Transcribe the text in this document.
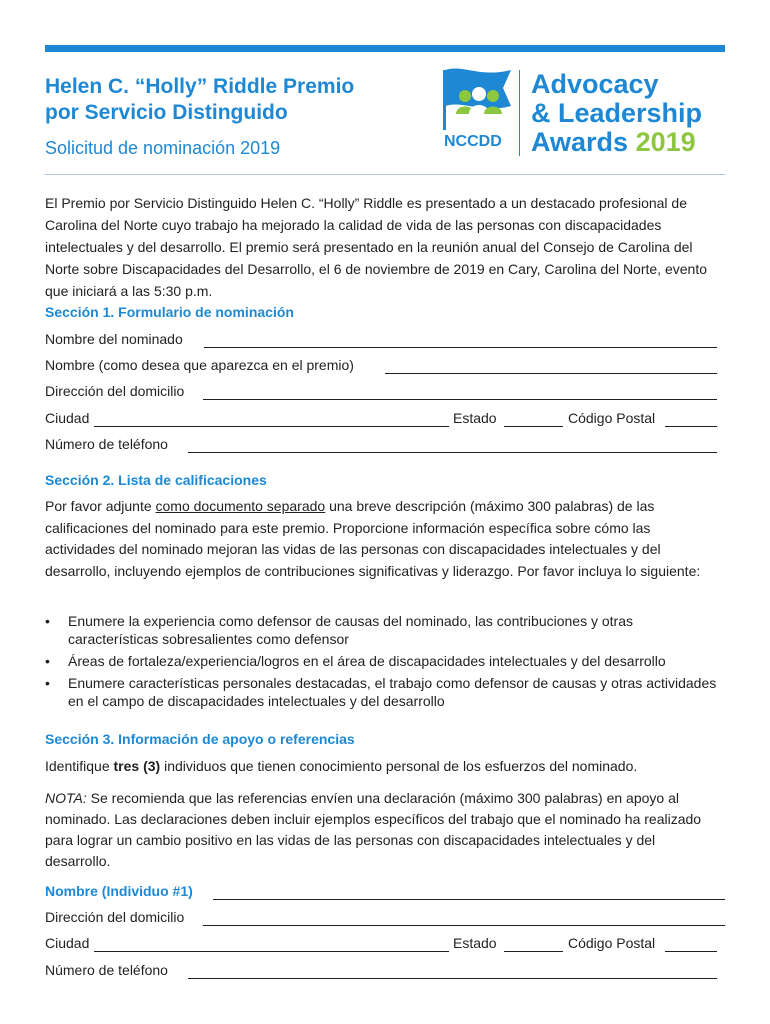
Helen C. “Holly” Riddle Premio
por Servicio Distinguido
Solicitud de nominación 2019	NCCDD
Advocacy
& Leadership
Awards 2019
El Premio por Servicio Distinguido Helen C. “Holly” Riddle es presentado a un destacado profesional de Carolina del Norte cuyo trabajo ha mejorado la calidad de vida de las personas con discapacidades intelectuales y del desarrollo. El premio será presentado en la reunión anual del Consejo de Carolina del Norte sobre Discapacidades del Desarrollo, el 6 de noviembre de 2019 en Cary, Carolina del Norte, evento que iniciará a las 5:30 p.m.
Sección 1. Formulario de nominación
Nombre del nominado
Nombre (como desea que aparezca en el premio)
Dirección del domicilio
Ciudad	Estado	Código Postal
Número de teléfono
Sección 2. Lista de calificaciones
Por favor adjunte como documento separado una breve descripción (máximo 300 palabras) de las calificaciones del nominado para este premio. Proporcione información específica sobre cómo las actividades del nominado mejoran las vidas de las personas con discapacidades intelectuales y del desarrollo, incluyendo ejemplos de contribuciones significativas y liderazgo. Por favor incluya lo siguiente:
• Enumere la experiencia como defensor de causas del nominado, las contribuciones y otras características sobresalientes como defensor
• Áreas de fortaleza/experiencia/logros en el área de discapacidades intelectuales y del desarrollo
• Enumere características personales destacadas, el trabajo como defensor de causas y otras actividades en el campo de discapacidades intelectuales y del desarrollo
Sección 3. Información de apoyo o referencias
Identifique tres (3) individuos que tienen conocimiento personal de los esfuerzos del nominado.
NOTA: Se recomienda que las referencias envíen una declaración (máximo 300 palabras) en apoyo al nominado. Las declaraciones deben incluir ejemplos específicos del trabajo que el nominado ha realizado para lograr un cambio positivo en las vidas de las personas con discapacidades intelectuales y del desarrollo.
Nombre (Individuo #1)
Dirección del domicilio
Ciudad	Estado	Código Postal
Número de teléfono
